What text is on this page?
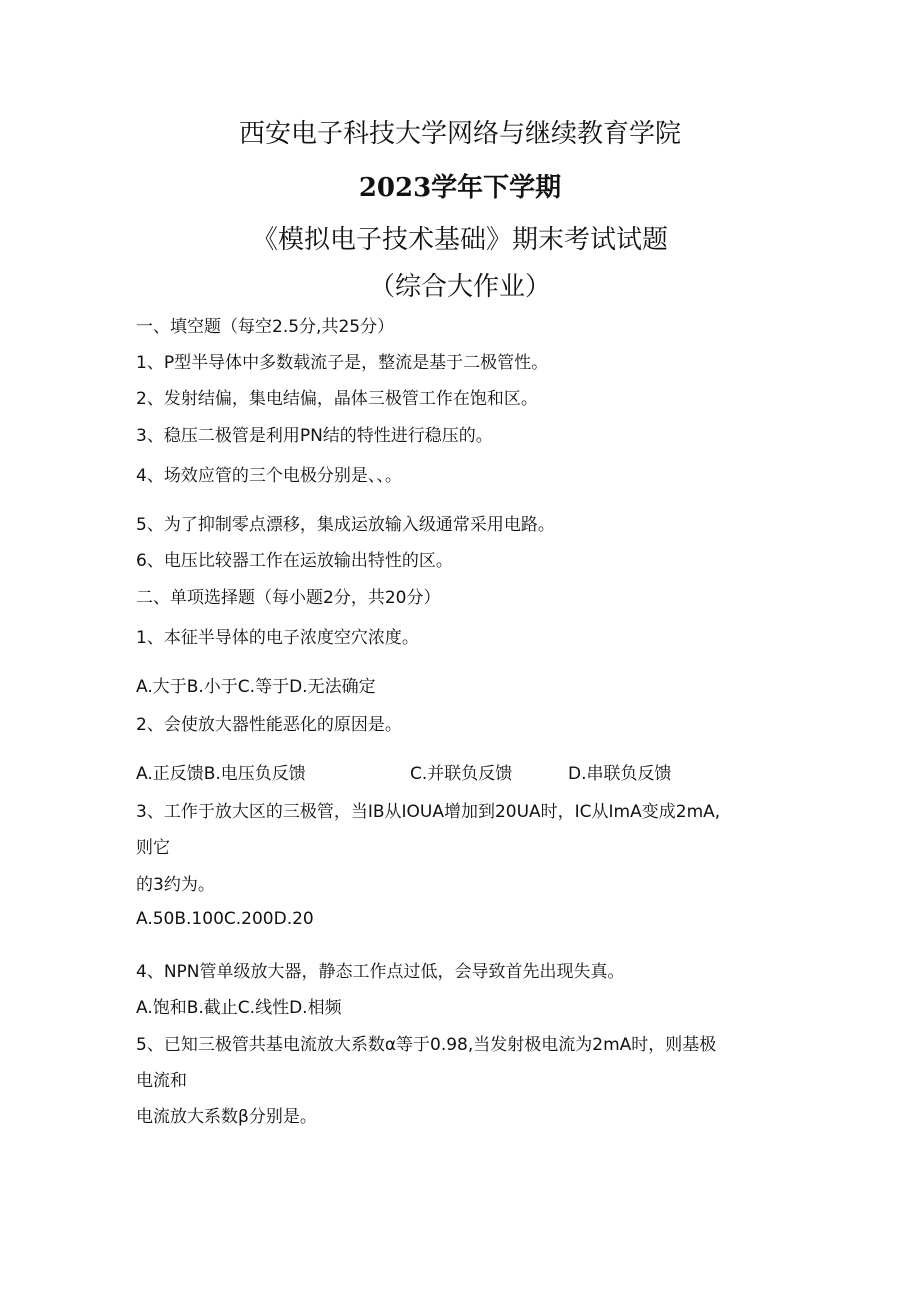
西安电子科技大学网络与继续教育学院
2023学年下学期
《模拟电子技术基础》期末考试试题
（综合大作业）
一、填空题（每空2.5分,共25分）
1、P型半导体中多数载流子是，整流是基于二极管性。
2、发射结偏，集电结偏，晶体三极管工作在饱和区。
3、稳压二极管是利用PN结的特性进行稳压的。
4、场效应管的三个电极分别是、、。
5、为了抑制零点漂移，集成运放输入级通常采用电路。
6、电压比较器工作在运放输出特性的区。
二、单项选择题（每小题2分，共20分）
1、本征半导体的电子浓度空穴浓度。
A.大于B.小于C.等于D.无法确定
2、会使放大器性能恶化的原因是。
A.正反馈B.电压负反馈	C.并联负反馈	D.串联负反馈
3、工作于放大区的三极管，当IB从IOUA增加到20UA时，IC从ImA变成2mA,
则它
的3约为。
A.50B.100C.200D.20
4、NPN管单级放大器，静态工作点过低，会导致首先出现失真。
A.饱和B.截止C.线性D.相频
5、已知三极管共基电流放大系数α等于0.98,当发射极电流为2mA时，则基极
电流和
电流放大系数β分别是。
